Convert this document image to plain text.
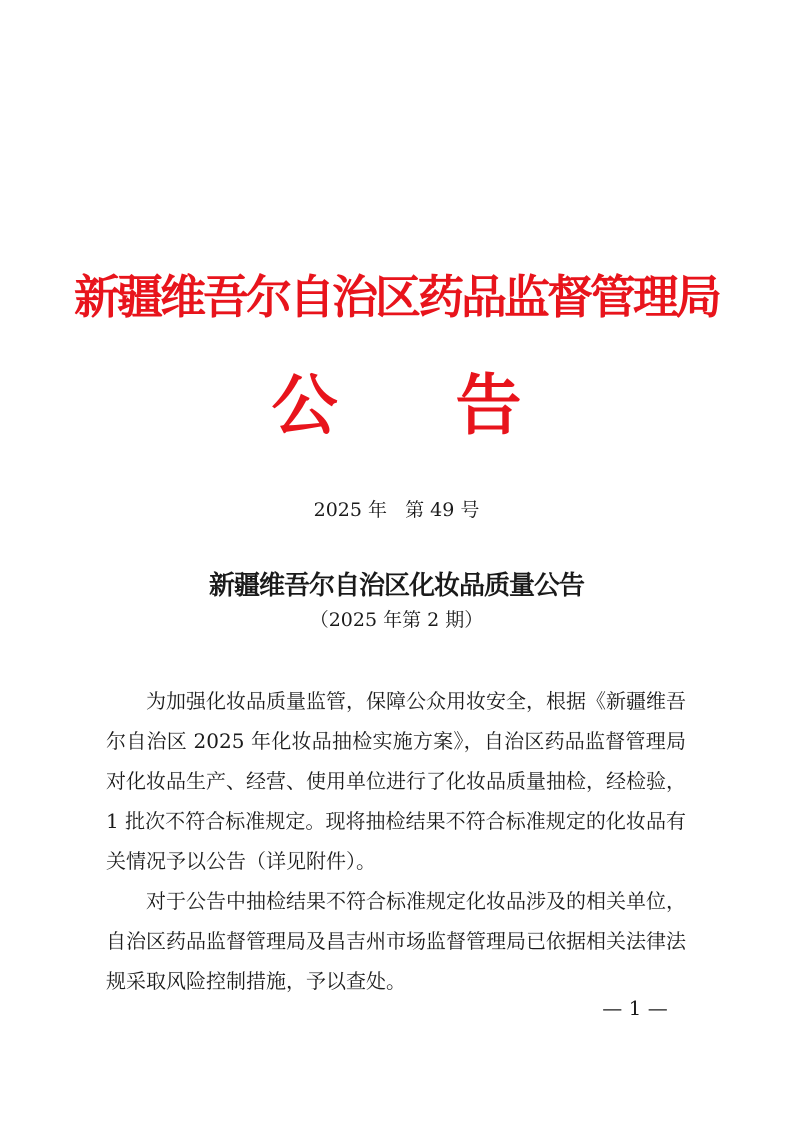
新疆维吾尔自治区药品监督管理局
公 告
2025 年   第 49 号
新疆维吾尔自治区化妆品质量公告
（2025 年第 2 期）

为加强化妆品质量监管，保障公众用妆安全，根据《新疆维吾尔自治区 2025 年化妆品抽检实施方案》，自治区药品监督管理局对化妆品生产、经营、使用单位进行了化妆品质量抽检，经检验，1 批次不符合标准规定。现将抽检结果不符合标准规定的化妆品有关情况予以公告（详见附件）。

对于公告中抽检结果不符合标准规定化妆品涉及的相关单位，自治区药品监督管理局及昌吉州市场监督管理局已依据相关法律法规采取风险控制措施，予以查处。

— 1 —
